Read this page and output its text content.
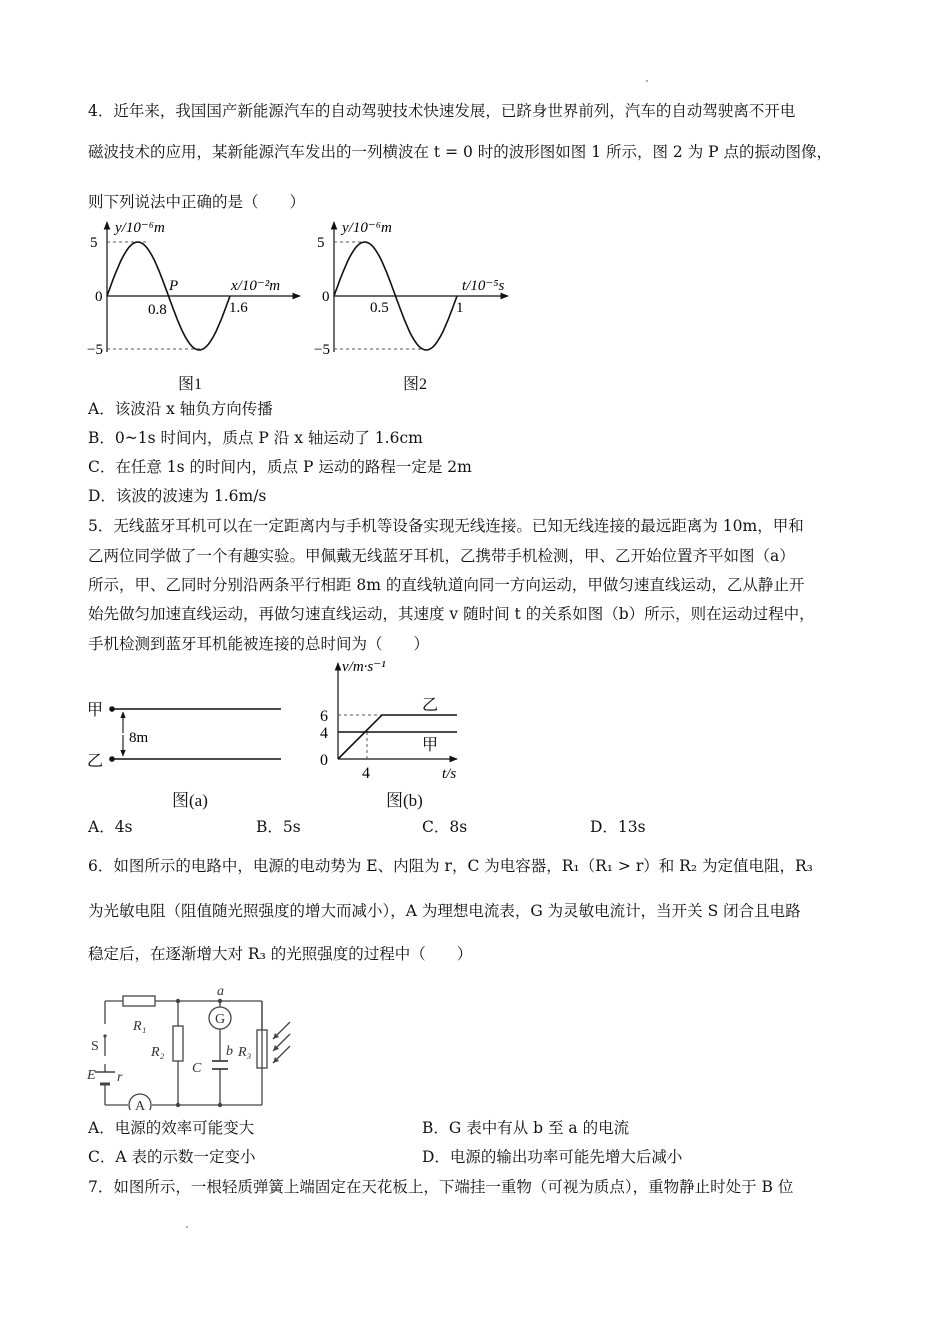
4．近年来，我国国产新能源汽车的自动驾驶技术快速发展，已跻身世界前列，汽车的自动驾驶离不开电
磁波技术的应用，某新能源汽车发出的一列横波在 t = 0 时的波形图如图 1 所示，图 2 为 P 点的振动图像，
则下列说法中正确的是（　　）
y/10⁻⁶m
x/10⁻²m
5
0
−5
0.8	1.6
P
图1
y/10⁻⁶m
t/10⁻⁵s
5
0
−5
0.5	1
图2
A．该波沿 x 轴负方向传播
B．0~1s 时间内，质点 P 沿 x 轴运动了 1.6cm
C．在任意 1s 的时间内，质点 P 运动的路程一定是 2m
D．该波的波速为 1.6m/s
5．无线蓝牙耳机可以在一定距离内与手机等设备实现无线连接。已知无线连接的最远距离为 10m，甲和
乙两位同学做了一个有趣实验。甲佩戴无线蓝牙耳机，乙携带手机检测，甲、乙开始位置齐平如图（a）
所示，甲、乙同时分别沿两条平行相距 8m 的直线轨道向同一方向运动，甲做匀速直线运动，乙从静止开
始先做匀加速直线运动，再做匀速直线运动，其速度 v 随时间 t 的关系如图（b）所示，则在运动过程中，
手机检测到蓝牙耳机能被连接的总时间为（　　）
甲
乙
8m
图(a)
v/m·s⁻¹
t/s
6
4
0
4
乙
甲
图(b)
A．4s	B．5s	C．8s	D．13s
6．如图所示的电路中，电源的电动势为 E、内阻为 r，C 为电容器，R₁（R₁ > r）和 R₂ 为定值电阻，R₃
为光敏电阻（阻值随光照强度的增大而减小），A 为理想电流表，G 为灵敏电流计，当开关 S 闭合且电路
稳定后，在逐渐增大对 R₃ 的光照强度的过程中（　　）
S
E r
R₁
R₂	R₃
C
a
b
G
A
A．电源的效率可能变大	B．G 表中有从 b 至 a 的电流
C．A 表的示数一定变小	D．电源的输出功率可能先增大后减小
7．如图所示，一根轻质弹簧上端固定在天花板上，下端挂一重物（可视为质点），重物静止时处于 B 位
